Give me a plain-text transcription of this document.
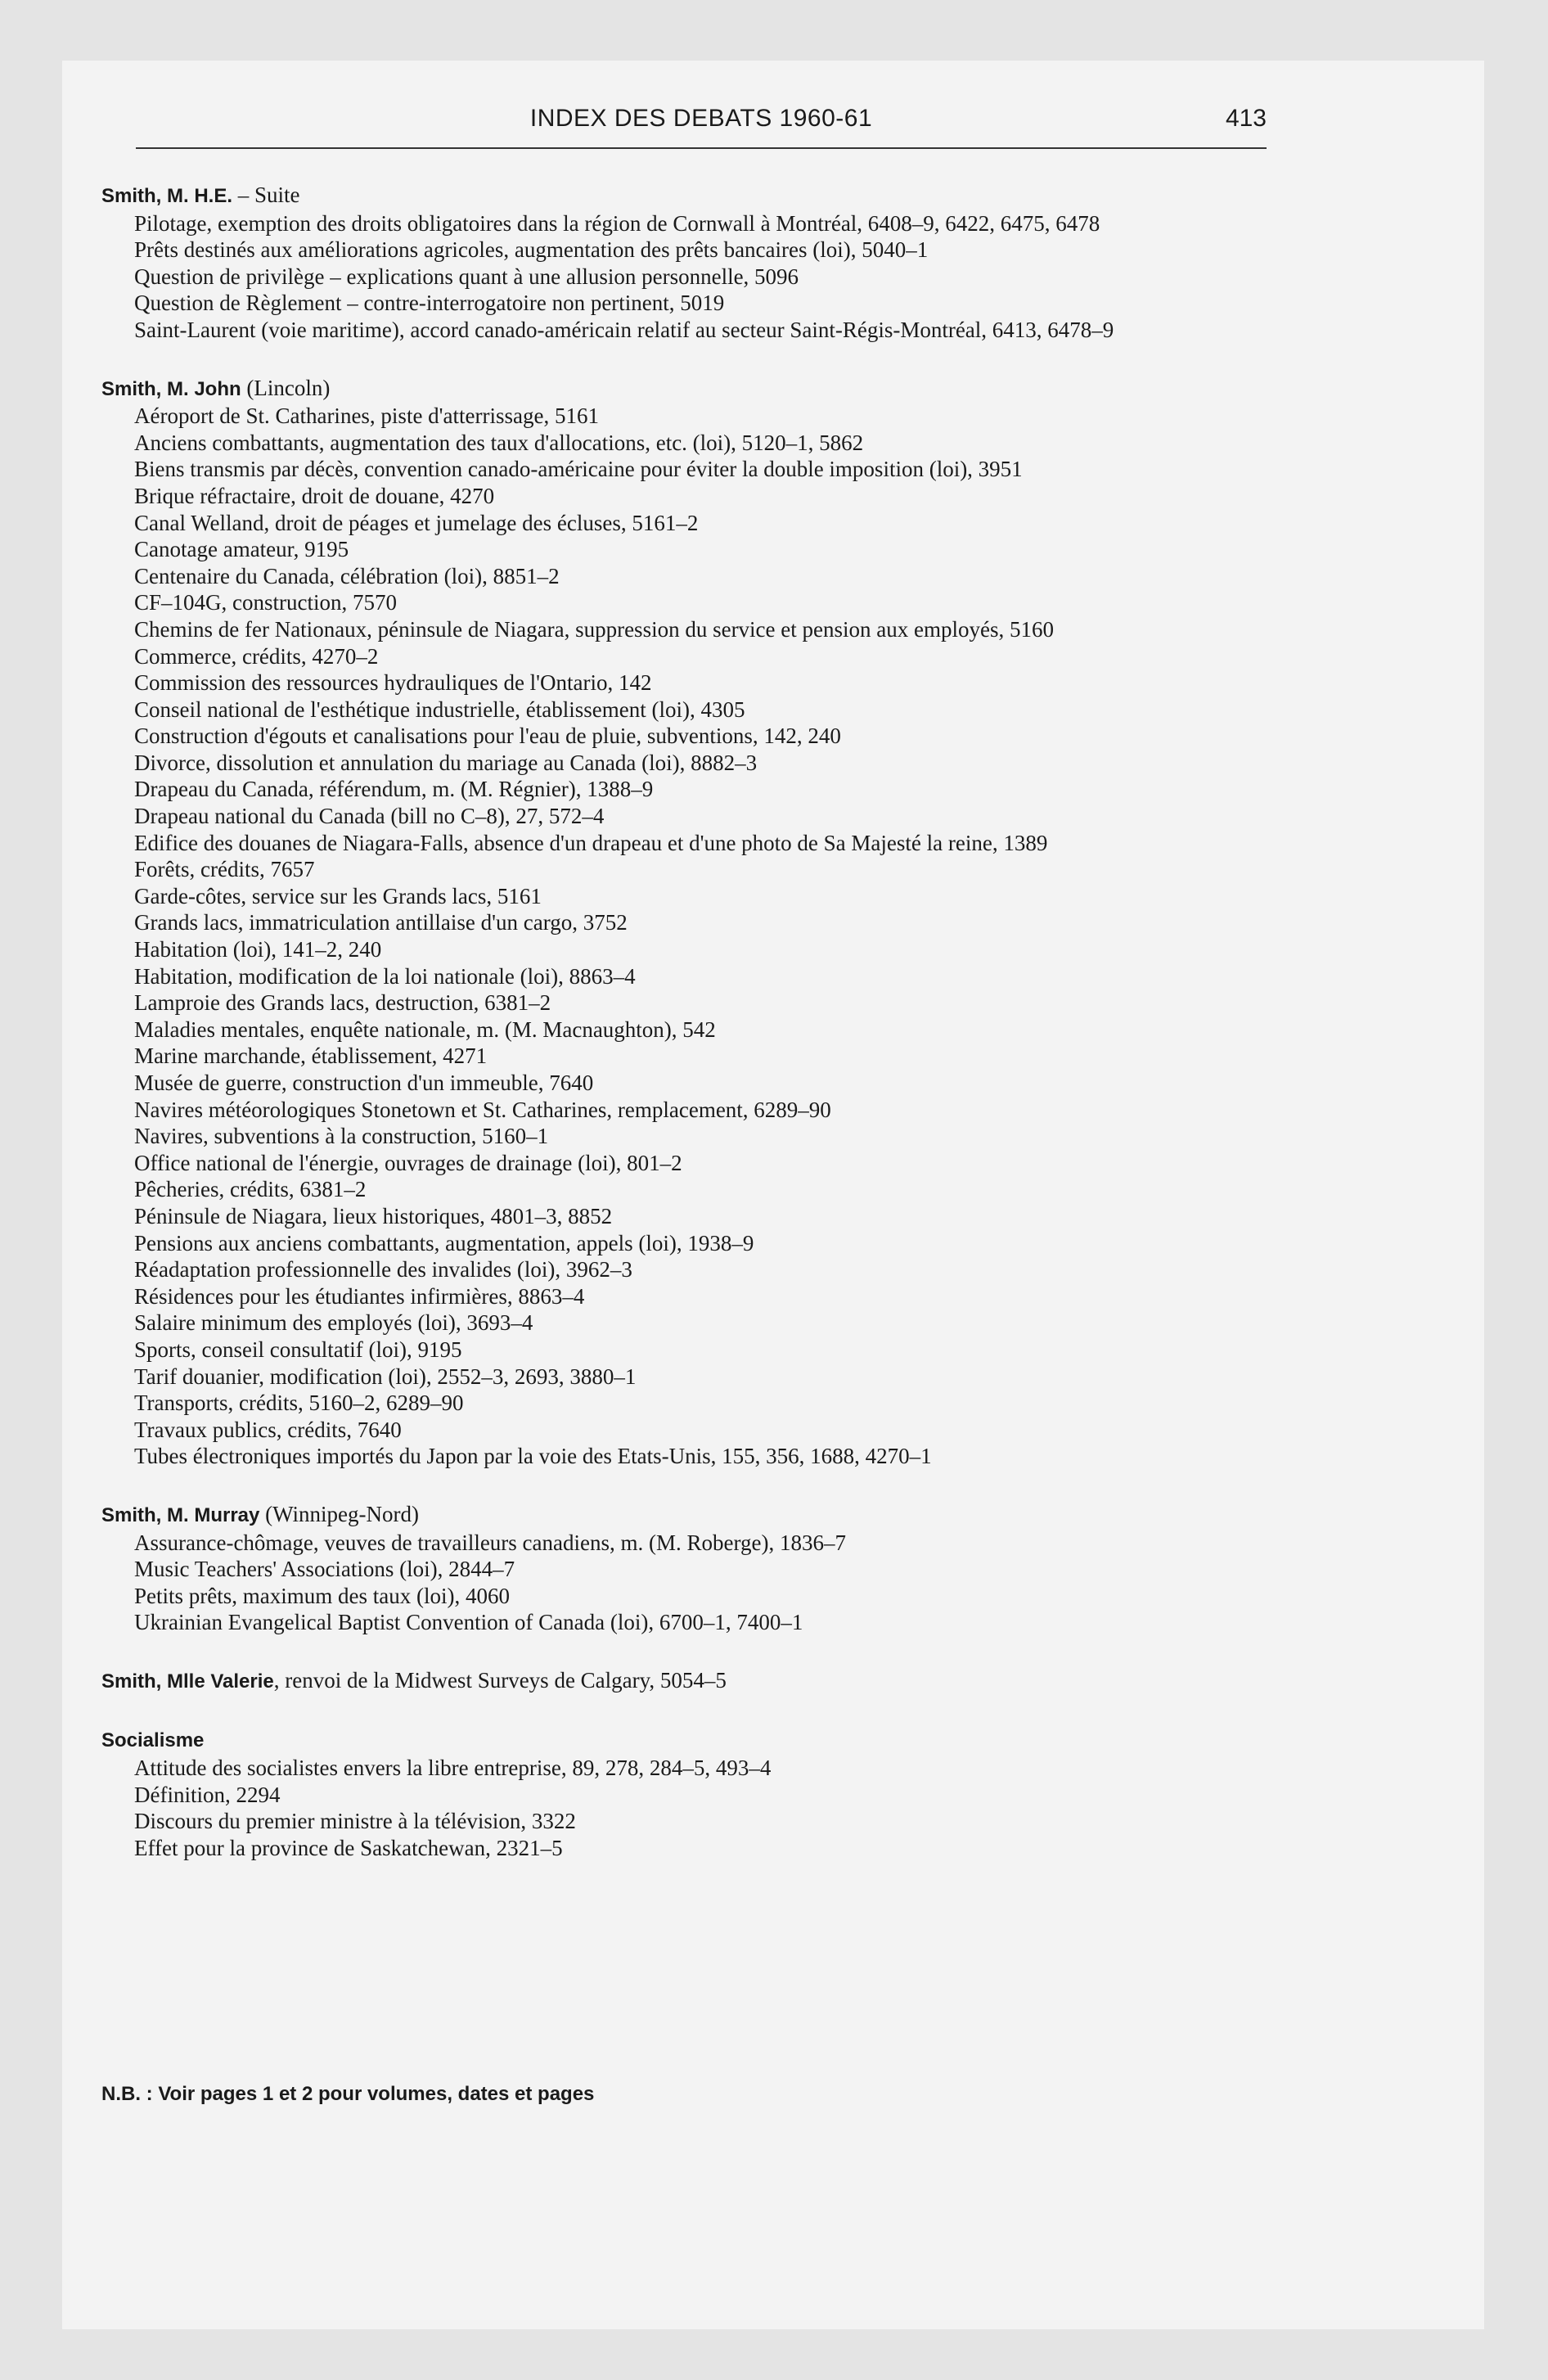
INDEX DES DEBATS 1960-61	413
Smith, M. H.E. – Suite
Pilotage, exemption des droits obligatoires dans la région de Cornwall à Montréal, 6408–9, 6422, 6475, 6478
Prêts destinés aux améliorations agricoles, augmentation des prêts bancaires (loi), 5040–1
Question de privilège – explications quant à une allusion personnelle, 5096
Question de Règlement – contre-interrogatoire non pertinent, 5019
Saint-Laurent (voie maritime), accord canado-américain relatif au secteur Saint-Régis-Montréal, 6413, 6478–9
Smith, M. John (Lincoln)
Aéroport de St. Catharines, piste d'atterrissage, 5161
Anciens combattants, augmentation des taux d'allocations, etc. (loi), 5120–1, 5862
Biens transmis par décès, convention canado-américaine pour éviter la double imposition (loi), 3951
Brique réfractaire, droit de douane, 4270
Canal Welland, droit de péages et jumelage des écluses, 5161–2
Canotage amateur, 9195
Centenaire du Canada, célébration (loi), 8851–2
CF–104G, construction, 7570
Chemins de fer Nationaux, péninsule de Niagara, suppression du service et pension aux employés, 5160
Commerce, crédits, 4270–2
Commission des ressources hydrauliques de l'Ontario, 142
Conseil national de l'esthétique industrielle, établissement (loi), 4305
Construction d'égouts et canalisations pour l'eau de pluie, subventions, 142, 240
Divorce, dissolution et annulation du mariage au Canada (loi), 8882–3
Drapeau du Canada, référendum, m. (M. Régnier), 1388–9
Drapeau national du Canada (bill no C–8), 27, 572–4
Edifice des douanes de Niagara-Falls, absence d'un drapeau et d'une photo de Sa Majesté la reine, 1389
Forêts, crédits, 7657
Garde-côtes, service sur les Grands lacs, 5161
Grands lacs, immatriculation antillaise d'un cargo, 3752
Habitation (loi), 141–2, 240
Habitation, modification de la loi nationale (loi), 8863–4
Lamproie des Grands lacs, destruction, 6381–2
Maladies mentales, enquête nationale, m. (M. Macnaughton), 542
Marine marchande, établissement, 4271
Musée de guerre, construction d'un immeuble, 7640
Navires météorologiques Stonetown et St. Catharines, remplacement, 6289–90
Navires, subventions à la construction, 5160–1
Office national de l'énergie, ouvrages de drainage (loi), 801–2
Pêcheries, crédits, 6381–2
Péninsule de Niagara, lieux historiques, 4801–3, 8852
Pensions aux anciens combattants, augmentation, appels (loi), 1938–9
Réadaptation professionnelle des invalides (loi), 3962–3
Résidences pour les étudiantes infirmières, 8863–4
Salaire minimum des employés (loi), 3693–4
Sports, conseil consultatif (loi), 9195
Tarif douanier, modification (loi), 2552–3, 2693, 3880–1
Transports, crédits, 5160–2, 6289–90
Travaux publics, crédits, 7640
Tubes électroniques importés du Japon par la voie des Etats-Unis, 155, 356, 1688, 4270–1
Smith, M. Murray (Winnipeg-Nord)
Assurance-chômage, veuves de travailleurs canadiens, m. (M. Roberge), 1836–7
Music Teachers' Associations (loi), 2844–7
Petits prêts, maximum des taux (loi), 4060
Ukrainian Evangelical Baptist Convention of Canada (loi), 6700–1, 7400–1
Smith, Mlle Valerie, renvoi de la Midwest Surveys de Calgary, 5054–5
Socialisme
Attitude des socialistes envers la libre entreprise, 89, 278, 284–5, 493–4
Définition, 2294
Discours du premier ministre à la télévision, 3322
Effet pour la province de Saskatchewan, 2321–5
N.B. : Voir pages 1 et 2 pour volumes, dates et pages
